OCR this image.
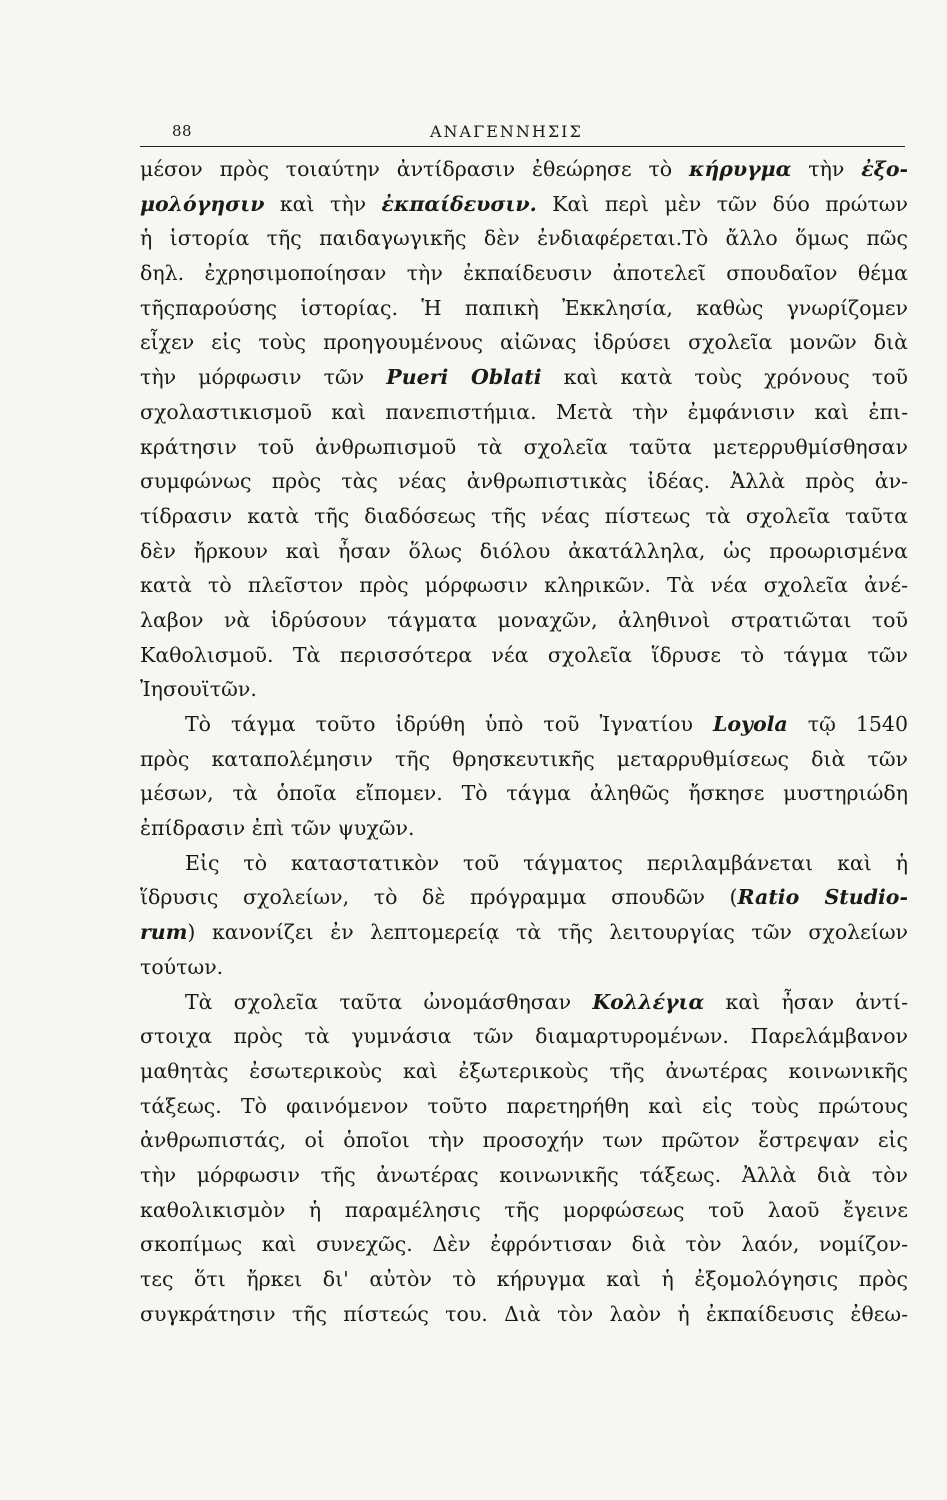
88	ΑΝΑΓΕΝΝΗΣΙΣ
μέσον πρὸς τοιαύτην ἀντίδρασιν ἐθεώρησε τὸ κήρυγμα τὴν ἐξο-
μολόγησιν καὶ τὴν ἐκπαίδευσιν. Καὶ περὶ μὲν τῶν δύο πρώτων
ἡ ἱστορία τῆς παιδαγωγικῆς δὲν ἐνδιαφέρεται.Τὸ ἄλλο ὅμως πῶς
δηλ. ἐχρησιμοποίησαν τὴν ἐκπαίδευσιν ἀποτελεῖ σπουδαῖον θέμα
τῆςπαρούσης ἱστορίας. Ἡ παπικὴ Ἐκκλησία, καθὼς γνωρίζομεν
εἶχεν εἰς τοὺς προηγουμένους αἰῶνας ἱδρύσει σχολεῖα μονῶν διὰ
τὴν μόρφωσιν τῶν Pueri Oblati καὶ κατὰ τοὺς χρόνους τοῦ
σχολαστικισμοῦ καὶ πανεπιστήμια. Μετὰ τὴν ἐμφάνισιν καὶ ἐπι-
κράτησιν τοῦ ἀνθρωπισμοῦ τὰ σχολεῖα ταῦτα μετερρυθμίσθησαν
συμφώνως πρὸς τὰς νέας ἀνθρωπιστικὰς ἰδέας. Ἀλλὰ πρὸς ἀν-
τίδρασιν κατὰ τῆς διαδόσεως τῆς νέας πίστεως τὰ σχολεῖα ταῦτα
δὲν ἤρκουν καὶ ἦσαν ὅλως διόλου ἀκατάλληλα, ὡς προωρισμένα
κατὰ τὸ πλεῖστον πρὸς μόρφωσιν κληρικῶν. Τὰ νέα σχολεῖα ἀνέ-
λαβον νὰ ἱδρύσουν τάγματα μοναχῶν, ἀληθινοὶ στρατιῶται τοῦ
Καθολισμοῦ. Τὰ περισσότερα νέα σχολεῖα ἵδρυσε τὸ τάγμα τῶν
Ἰησουϊτῶν.
Τὸ τάγμα τοῦτο ἱδρύθη ὑπὸ τοῦ Ἰγνατίου Loyola τῷ 1540
πρὸς καταπολέμησιν τῆς θρησκευτικῆς μεταρρυθμίσεως διὰ τῶν
μέσων, τὰ ὁποῖα εἴπομεν. Τὸ τάγμα ἀληθῶς ἤσκησε μυστηριώδη
ἐπίδρασιν ἐπὶ τῶν ψυχῶν.
Εἰς τὸ καταστατικὸν τοῦ τάγματος περιλαμβάνεται καὶ ἡ
ἵδρυσις σχολείων, τὸ δὲ πρόγραμμα σπουδῶν (Ratio Studio-
rum) κανονίζει ἐν λεπτομερείᾳ τὰ τῆς λειτουργίας τῶν σχολείων
τούτων.
Τὰ σχολεῖα ταῦτα ὠνομάσθησαν Κολλέγια καὶ ἦσαν ἀντί-
στοιχα πρὸς τὰ γυμνάσια τῶν διαμαρτυρομένων. Παρελάμβανον
μαθητὰς ἐσωτερικοὺς καὶ ἐξωτερικοὺς τῆς ἀνωτέρας κοινωνικῆς
τάξεως. Τὸ φαινόμενον τοῦτο παρετηρήθη καὶ εἰς τοὺς πρώτους
ἀνθρωπιστάς, οἱ ὁποῖοι τὴν προσοχήν των πρῶτον ἔστρεψαν εἰς
τὴν μόρφωσιν τῆς ἀνωτέρας κοινωνικῆς τάξεως. Ἀλλὰ διὰ τὸν
καθολικισμὸν ἡ παραμέλησις τῆς μορφώσεως τοῦ λαοῦ ἔγεινε
σκοπίμως καὶ συνεχῶς. Δὲν ἐφρόντισαν διὰ τὸν λαόν, νομίζον-
τες ὅτι ἤρκει δι' αὐτὸν τὸ κήρυγμα καὶ ἡ ἐξομολόγησις πρὸς
συγκράτησιν τῆς πίστεώς του. Διὰ τὸν λαὸν ἡ ἐκπαίδευσις ἐθεω-
